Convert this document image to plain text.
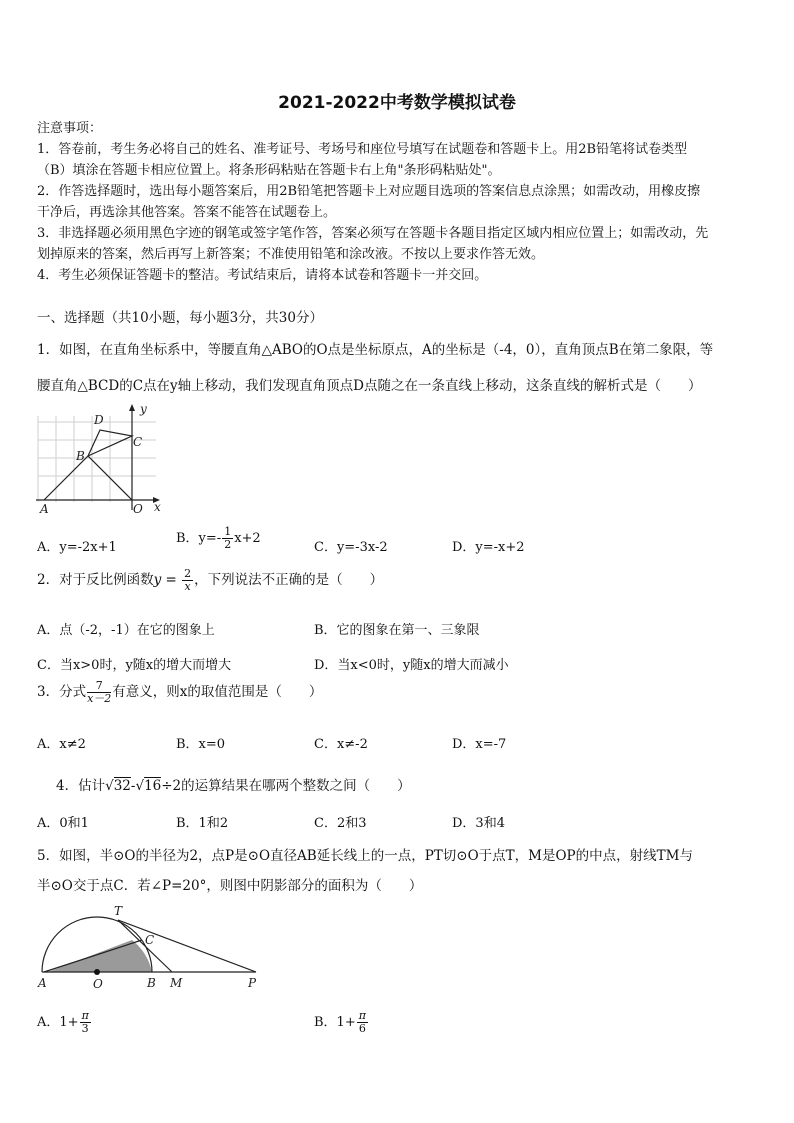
2021-2022中考数学模拟试卷
注意事项：
1．答卷前，考生务必将自己的姓名、准考证号、考场号和座位号填写在试题卷和答题卡上。用2B铅笔将试卷类型
（B）填涂在答题卡相应位置上。将条形码粘贴在答题卡右上角"条形码粘贴处"。
2．作答选择题时，选出每小题答案后，用2B铅笔把答题卡上对应题目选项的答案信息点涂黑；如需改动，用橡皮擦
干净后，再选涂其他答案。答案不能答在试题卷上。
3．非选择题必须用黑色字迹的钢笔或签字笔作答，答案必须写在答题卡各题目指定区域内相应位置上；如需改动，先
划掉原来的答案，然后再写上新答案；不准使用铅笔和涂改液。不按以上要求作答无效。
4．考生必须保证答题卡的整洁。考试结束后，请将本试卷和答题卡一并交回。
一、选择题（共10小题，每小题3分，共30分）
1．如图，在直角坐标系中，等腰直角△ABO的O点是坐标原点，A的坐标是（-4，0），直角顶点B在第二象限，等
腰直角△BCD的C点在y轴上移动，我们发现直角顶点D点随之在一条直线上移动，这条直线的解析式是（　　）
D
y
C
B
A	O x
A．y=-2x+1
B．$y=- \frac{1}{2} x+2$
C．y=-3x-2	D．y=-x+2
2．对于反比例函数$y = \frac{2}{x}$ ，下列说法不正确的是（　　）
A．点（-2，-1）在它的图象上	B．它的图象在第一、三象限
C．当x>0时，y随x的增大而增大	D．当x<0时，y随x的增大而减小
3．分式 $\frac{7}{x-2}$ 有意义，则x的取值范围是（　　）
A．x≠2	B．x=0	C．x≠-2	D．x=-7
4．估计√32-√16÷2的运算结果在哪两个整数之间（　　）
A．0和1	B．1和2	C．2和3	D．3和4
5．如图，半⊙O的半径为2，点P是⊙O直径AB延长线上的一点，PT切⊙O于点T，M是OP的中点，射线TM与
半⊙O交于点C．若∠P=20°，则图中阴影部分的面积为（　　）
T
C
A	O	B M	P
A．$1+ \frac{\pi}{3}$	B．$1+ \frac{\pi}{6}$
